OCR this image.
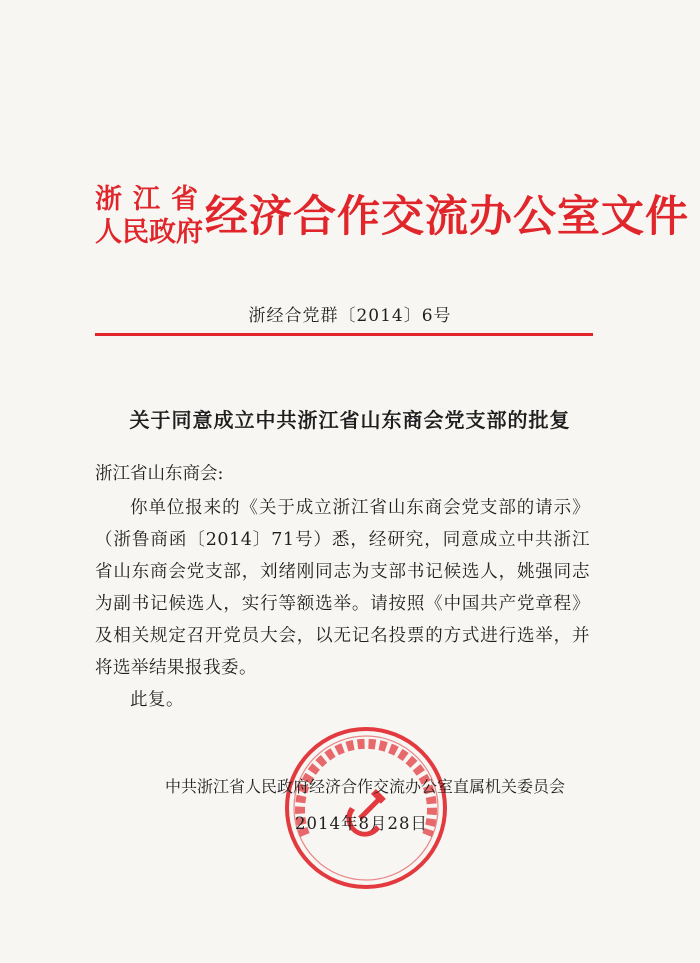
浙江省
人民政府 经济合作交流办公室文件
浙经合党群〔2014〕6号
关于同意成立中共浙江省山东商会党支部的批复
浙江省山东商会:

你单位报来的《关于成立浙江省山东商会党支部的请示》（浙鲁商函〔2014〕71号）悉，经研究，同意成立中共浙江省山东商会党支部，刘绪刚同志为支部书记候选人，姚强同志为副书记候选人，实行等额选举。请按照《中国共产党章程》及相关规定召开党员大会，以无记名投票的方式进行选举，并将选举结果报我委。

此复。

中共浙江省人民政府经济合作交流办公室直属机关委员会
2014年8月28日
